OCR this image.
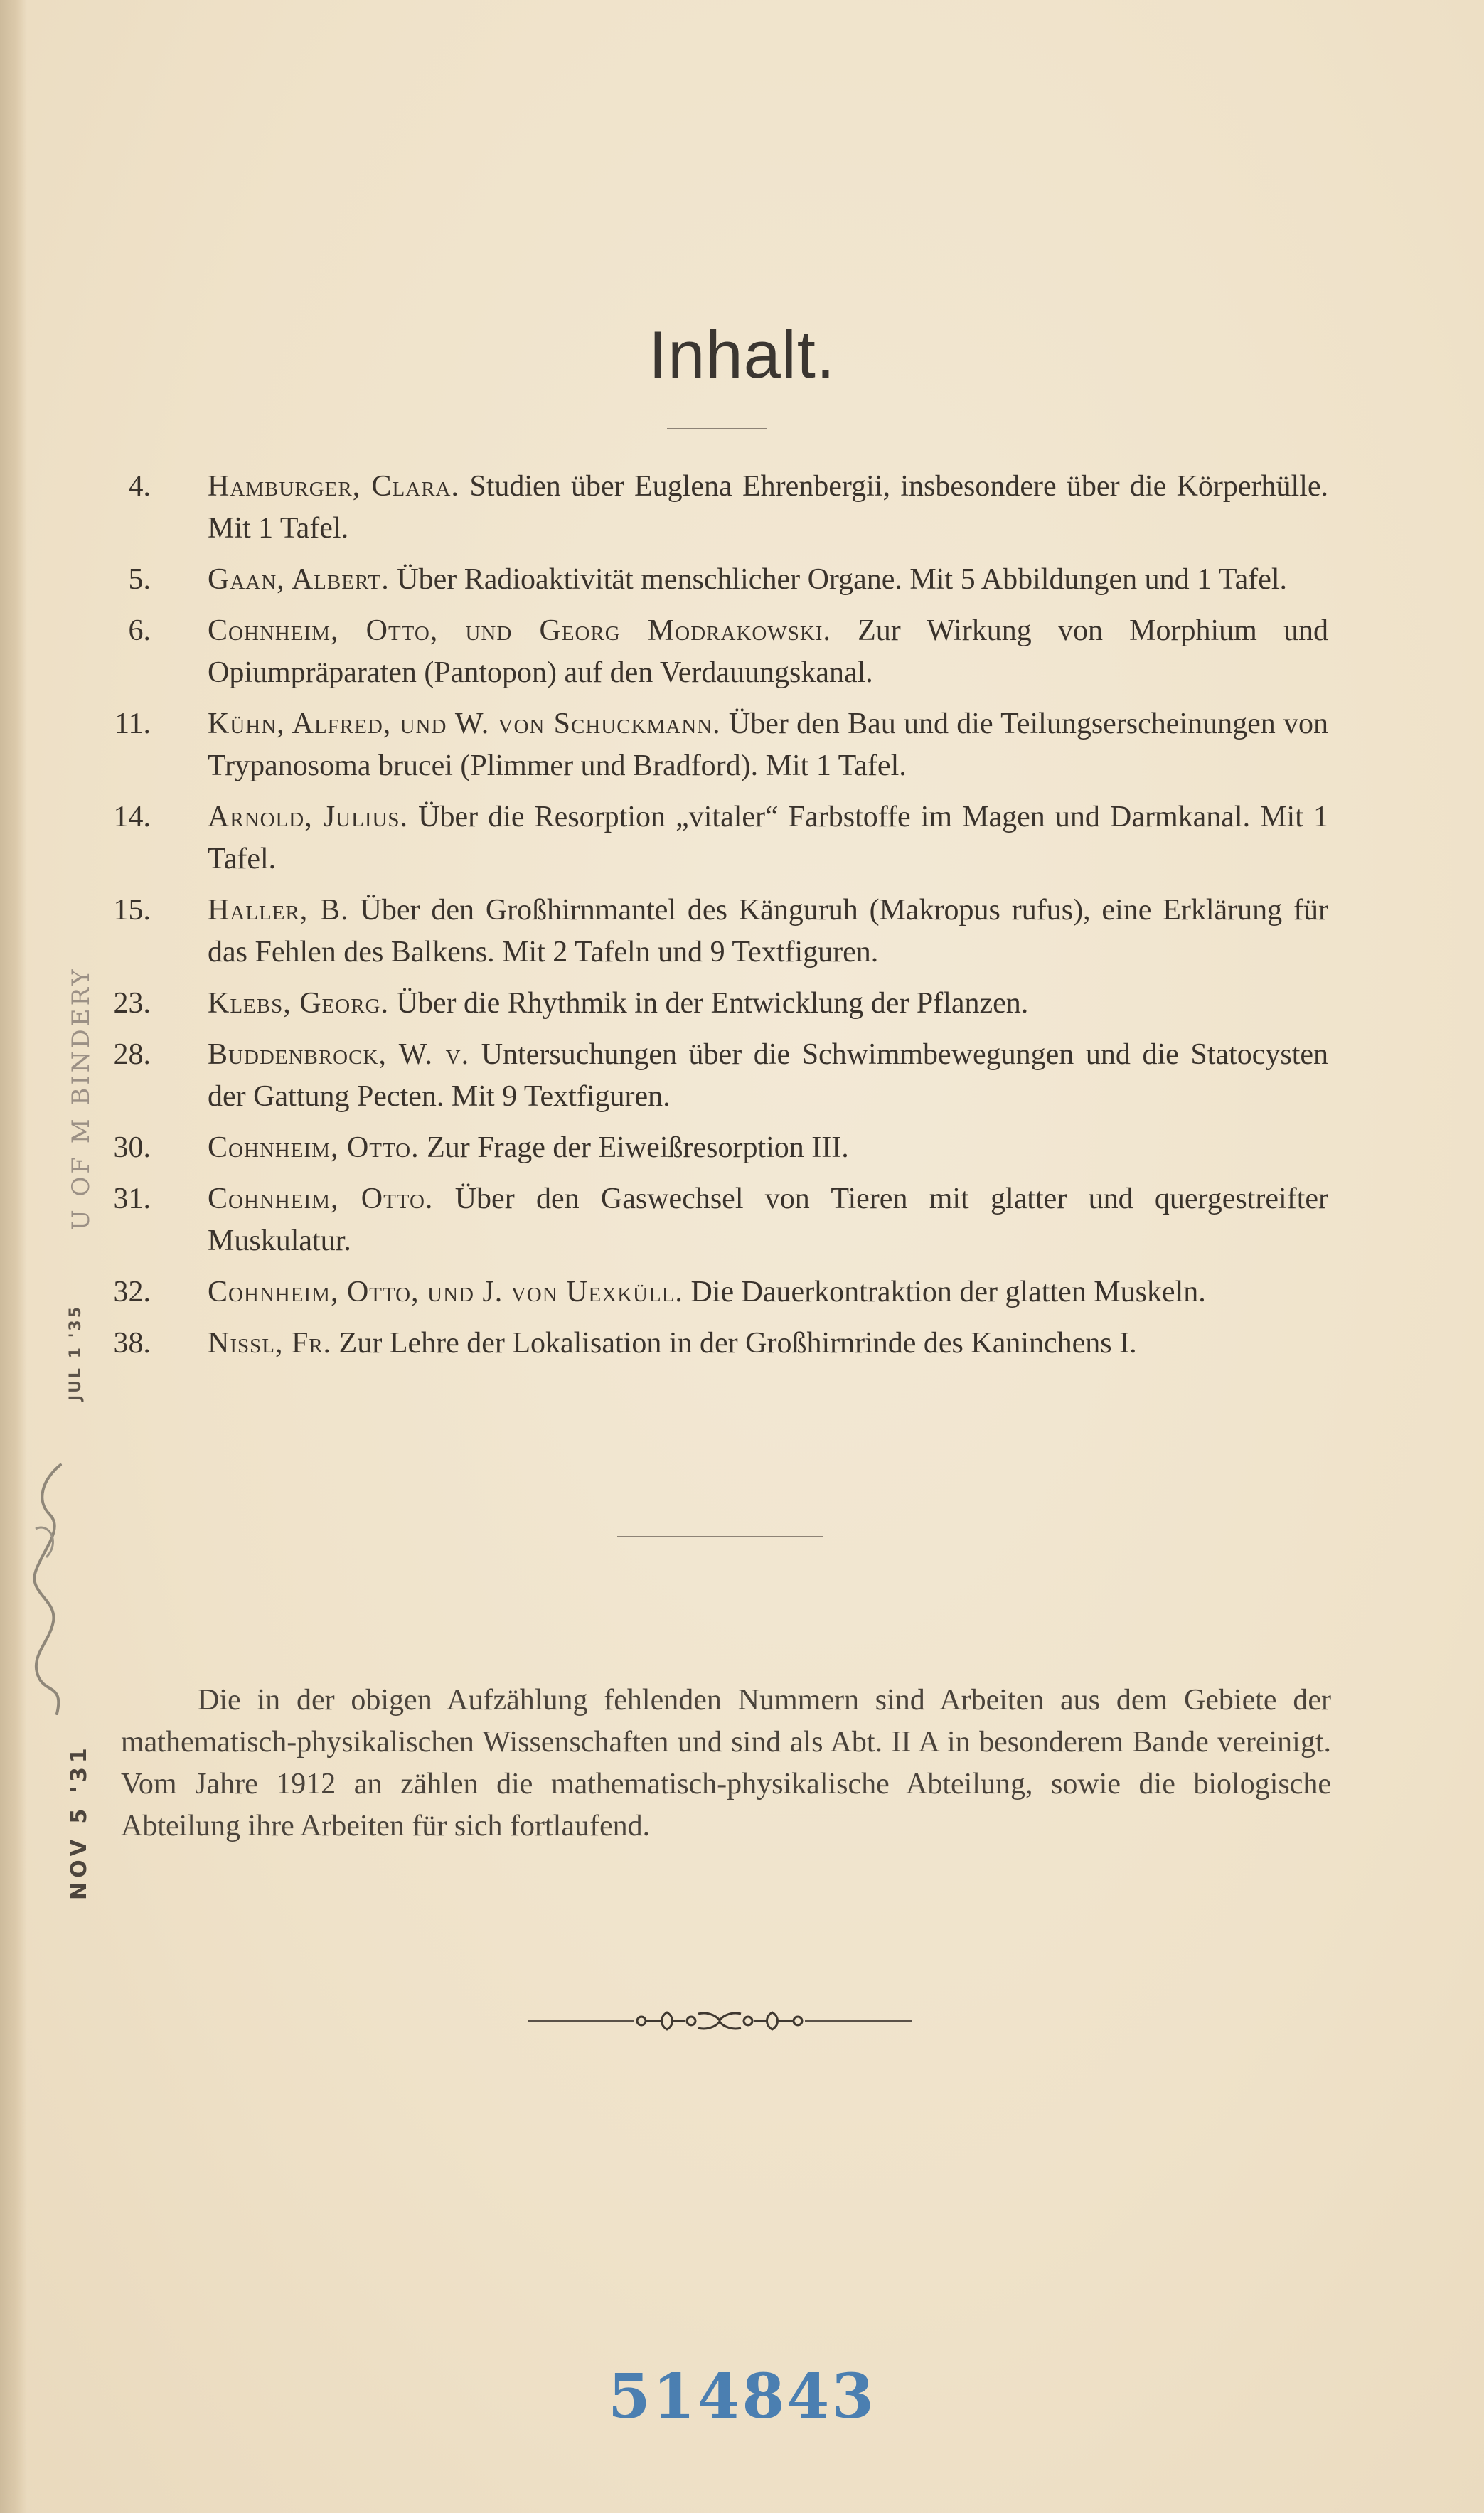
Inhalt.
4. Hamburger, Clara. Studien über Euglena Ehrenbergii, insbesondere über die Körperhülle. Mit 1 Tafel.
5. Gaan, Albert. Über Radioaktivität menschlicher Organe. Mit 5 Abbildungen und 1 Tafel.
6. Cohnheim, Otto, und Georg Modrakowski. Zur Wirkung von Morphium und Opiumpräparaten (Pantopon) auf den Verdauungskanal.
11. Kühn, Alfred, und W. von Schuckmann. Über den Bau und die Teilungserscheinungen von Trypanosoma brucei (Plimmer und Bradford). Mit 1 Tafel.
14. Arnold, Julius. Über die Resorption „vitaler“ Farbstoffe im Magen und Darmkanal. Mit 1 Tafel.
15. Haller, B. Über den Großhirnmantel des Känguruh (Makropus rufus), eine Erklärung für das Fehlen des Balkens. Mit 2 Tafeln und 9 Textfiguren.
23. Klebs, Georg. Über die Rhythmik in der Entwicklung der Pflanzen.
28. Buddenbrock, W. v. Untersuchungen über die Schwimmbewegungen und die Statocysten der Gattung Pecten. Mit 9 Textfiguren.
30. Cohnheim, Otto. Zur Frage der Eiweißresorption III.
31. Cohnheim, Otto. Über den Gaswechsel von Tieren mit glatter und quergestreifter Muskulatur.
32. Cohnheim, Otto, und J. von Uexküll. Die Dauerkontraktion der glatten Muskeln.
38. Nissl, Fr. Zur Lehre der Lokalisation in der Großhirnrinde des Kaninchens I.
Die in der obigen Aufzählung fehlenden Nummern sind Arbeiten aus dem Gebiete der mathematisch-physikalischen Wissenschaften und sind als Abt. II A in besonderem Bande vereinigt. Vom Jahre 1912 an zählen die mathematisch-physikalische Abteilung, sowie die biologische Abteilung ihre Arbeiten für sich fortlaufend.
514843
U OF M BINDERY
JUL 1 '35
NOV 5 '31
